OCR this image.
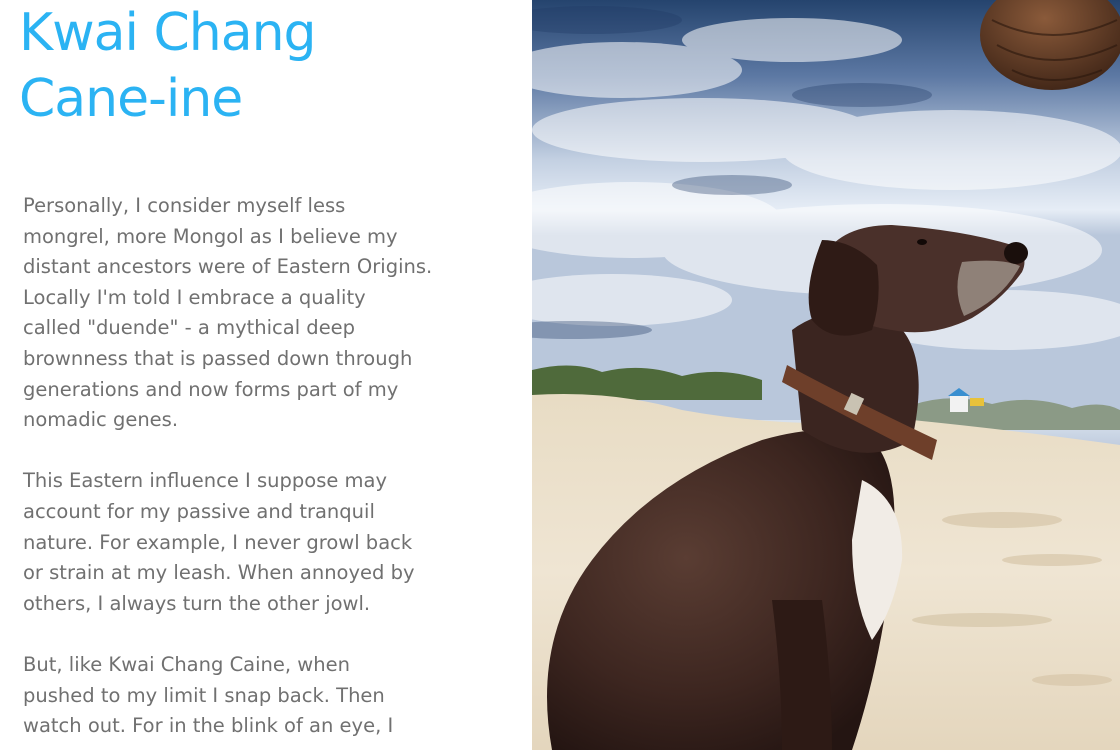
Kwai Chang
Cane-ine

Personally, I consider myself less
mongrel, more Mongol as I believe my
distant ancestors were of Eastern Origins.
Locally I'm told I embrace a quality
called "duende" - a mythical deep
brownness that is passed down through
generations and now forms part of my
nomadic genes.

This Eastern influence I suppose may
account for my passive and tranquil
nature. For example, I never growl back
or strain at my leash. When annoyed by
others, I always turn the other jowl.

But, like Kwai Chang Caine, when
pushed to my limit I snap back. Then
watch out. For in the blink of an eye, I
